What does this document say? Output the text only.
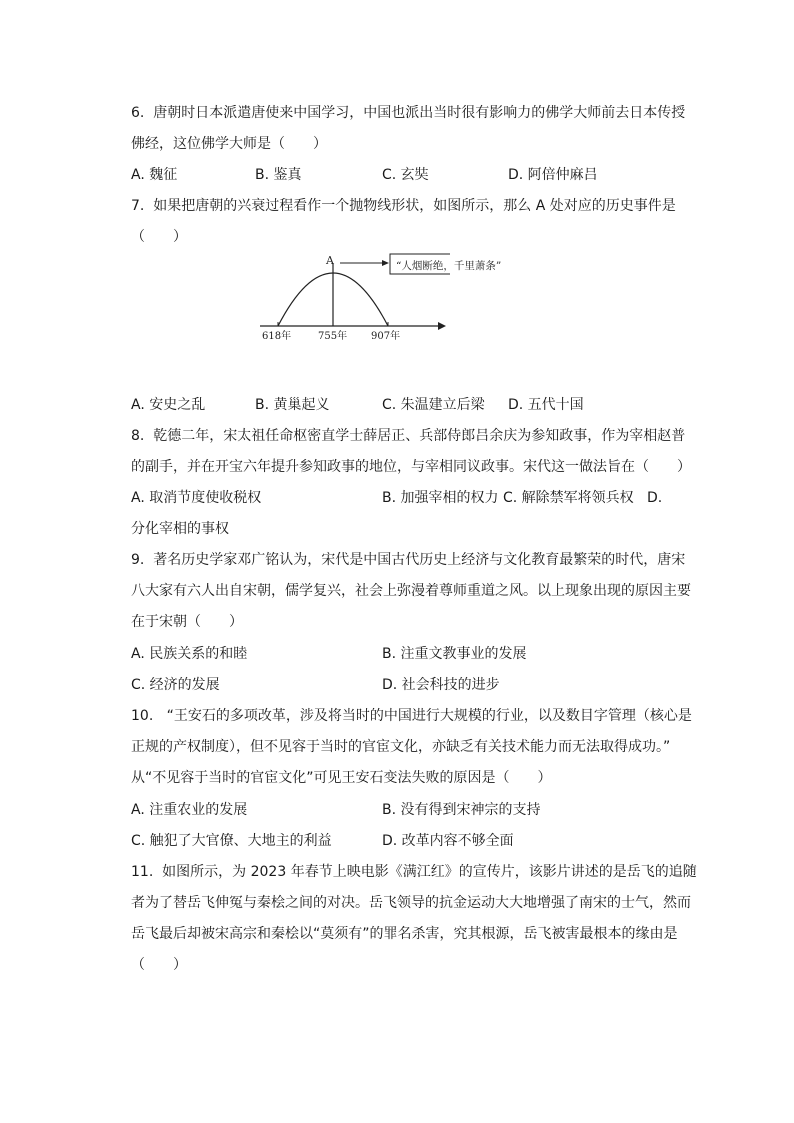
6.  唐朝时日本派遣唐使来中国学习，中国也派出当时很有影响力的佛学大师前去日本传授
佛经，这位佛学大师是（　　）
A. 魏征	B. 鉴真	C. 玄奘	D. 阿倍仲麻吕
7.  如果把唐朝的兴衰过程看作一个抛物线形状，如图所示，那么 A 处对应的历史事件是
（　　）
A
618年	755年 907年
“人烟断绝，千里萧条”
A. 安史之乱	B. 黄巢起义	C. 朱温建立后梁 D. 五代十国
8.  乾德二年，宋太祖任命枢密直学士薛居正、兵部侍郎吕余庆为参知政事，作为宰相赵普
的副手，并在开宝六年提升参知政事的地位，与宰相同议政事。宋代这一做法旨在（　　）
A. 取消节度使收税权	B. 加强宰相的权力 C. 解除禁军将领兵权   D.
分化宰相的事权
9.  著名历史学家邓广铭认为，宋代是中国古代历史上经济与文化教育最繁荣的时代，唐宋
八大家有六人出自宋朝，儒学复兴，社会上弥漫着尊师重道之风。以上现象出现的原因主要
在于宋朝（　　）
A. 民族关系的和睦	B. 注重文教事业的发展
C. 经济的发展	D. 社会科技的进步
10.   “王安石的多项改革，涉及将当时的中国进行大规模的行业，以及数目字管理（核心是
正规的产权制度），但不见容于当时的官宦文化，亦缺乏有关技术能力而无法取得成功。”
从“不见容于当时的官宦文化”可见王安石变法失败的原因是（　　）
A. 注重农业的发展	B. 没有得到宋神宗的支持
C. 触犯了大官僚、大地主的利益	D. 改革内容不够全面
11.  如图所示，为 2023 年春节上映电影《满江红》的宣传片，该影片讲述的是岳飞的追随
者为了替岳飞伸冤与秦桧之间的对决。岳飞领导的抗金运动大大地增强了南宋的士气，然而
岳飞最后却被宋高宗和秦桧以“莫须有”的罪名杀害，究其根源，岳飞被害最根本的缘由是
（　　）
